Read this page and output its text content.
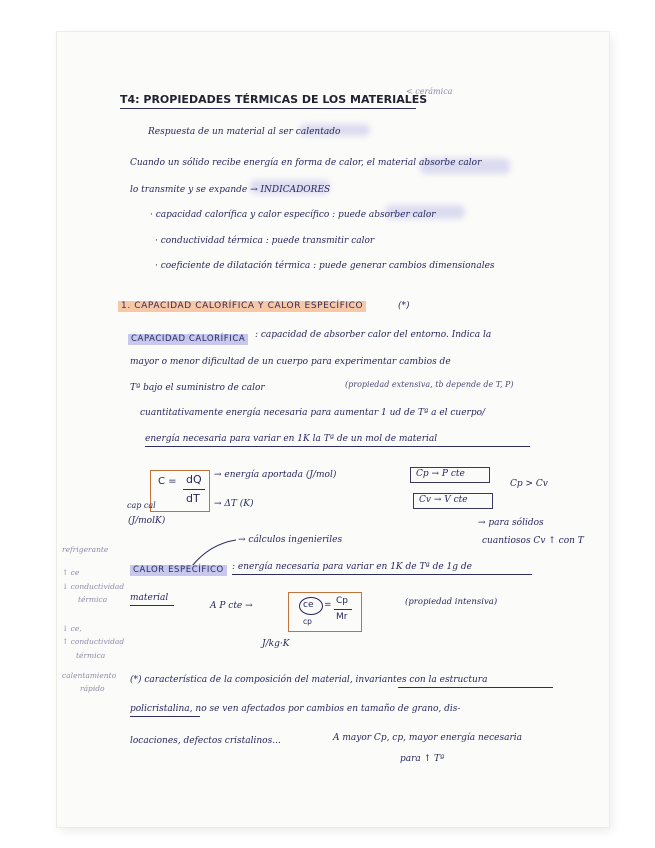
T4: PROPIEDADES TÉRMICAS DE LOS MATERIALES
< cerámica
Respuesta de un material al ser calentado
Cuando un sólido recibe energía en forma de calor, el material absorbe calor
lo transmite y se expande → INDICADORES
· capacidad calorífica y calor específico : puede absorber calor
· conductividad térmica : puede transmitir calor
· coeficiente de dilatación térmica : puede generar cambios dimensionales
1. CAPACIDAD CALORÍFICA Y CALOR ESPECÍFICO	(*)
CAPACIDAD CALORÍFICA	: capacidad de absorber calor del entorno. Indica la
mayor o menor dificultad de un cuerpo para experimentar cambios de
Tª bajo el suministro de calor	(propiedad extensiva, tb depende de T, P)
cuantitativamente energía necesaria para aumentar 1 ud de Tª a el cuerpo/
energía necesaria para variar en 1K la Tª de un mol de material
C = dQ
dT
→ energía aportada (J/mol)
→ ΔT (K)
cap cal
(J/molK)
Cp → P cte
Cv → V cte
Cp > Cv
→ para sólidos
cuantiosos Cv ↑ con T
refrigerante
↑ ce
↓ conductividad
térmica
↓ ce,
↑ conductividad
térmica
calentamiento
rápido
→ cálculos ingenieriles
CALOR ESPECÍFICO : energía necesaria para variar en 1K de Tª de 1g de
material
A P cte →	ce = Cp
Mr
cp
J/kg·K
(propiedad intensiva)
(*) característica de la composición del material, invariantes con la estructura
policristalina, no se ven afectados por cambios en tamaño de grano, dis-
locaciones, defectos cristalinos...	A mayor Cp, cp, mayor energía necesaria
para ↑ Tª
